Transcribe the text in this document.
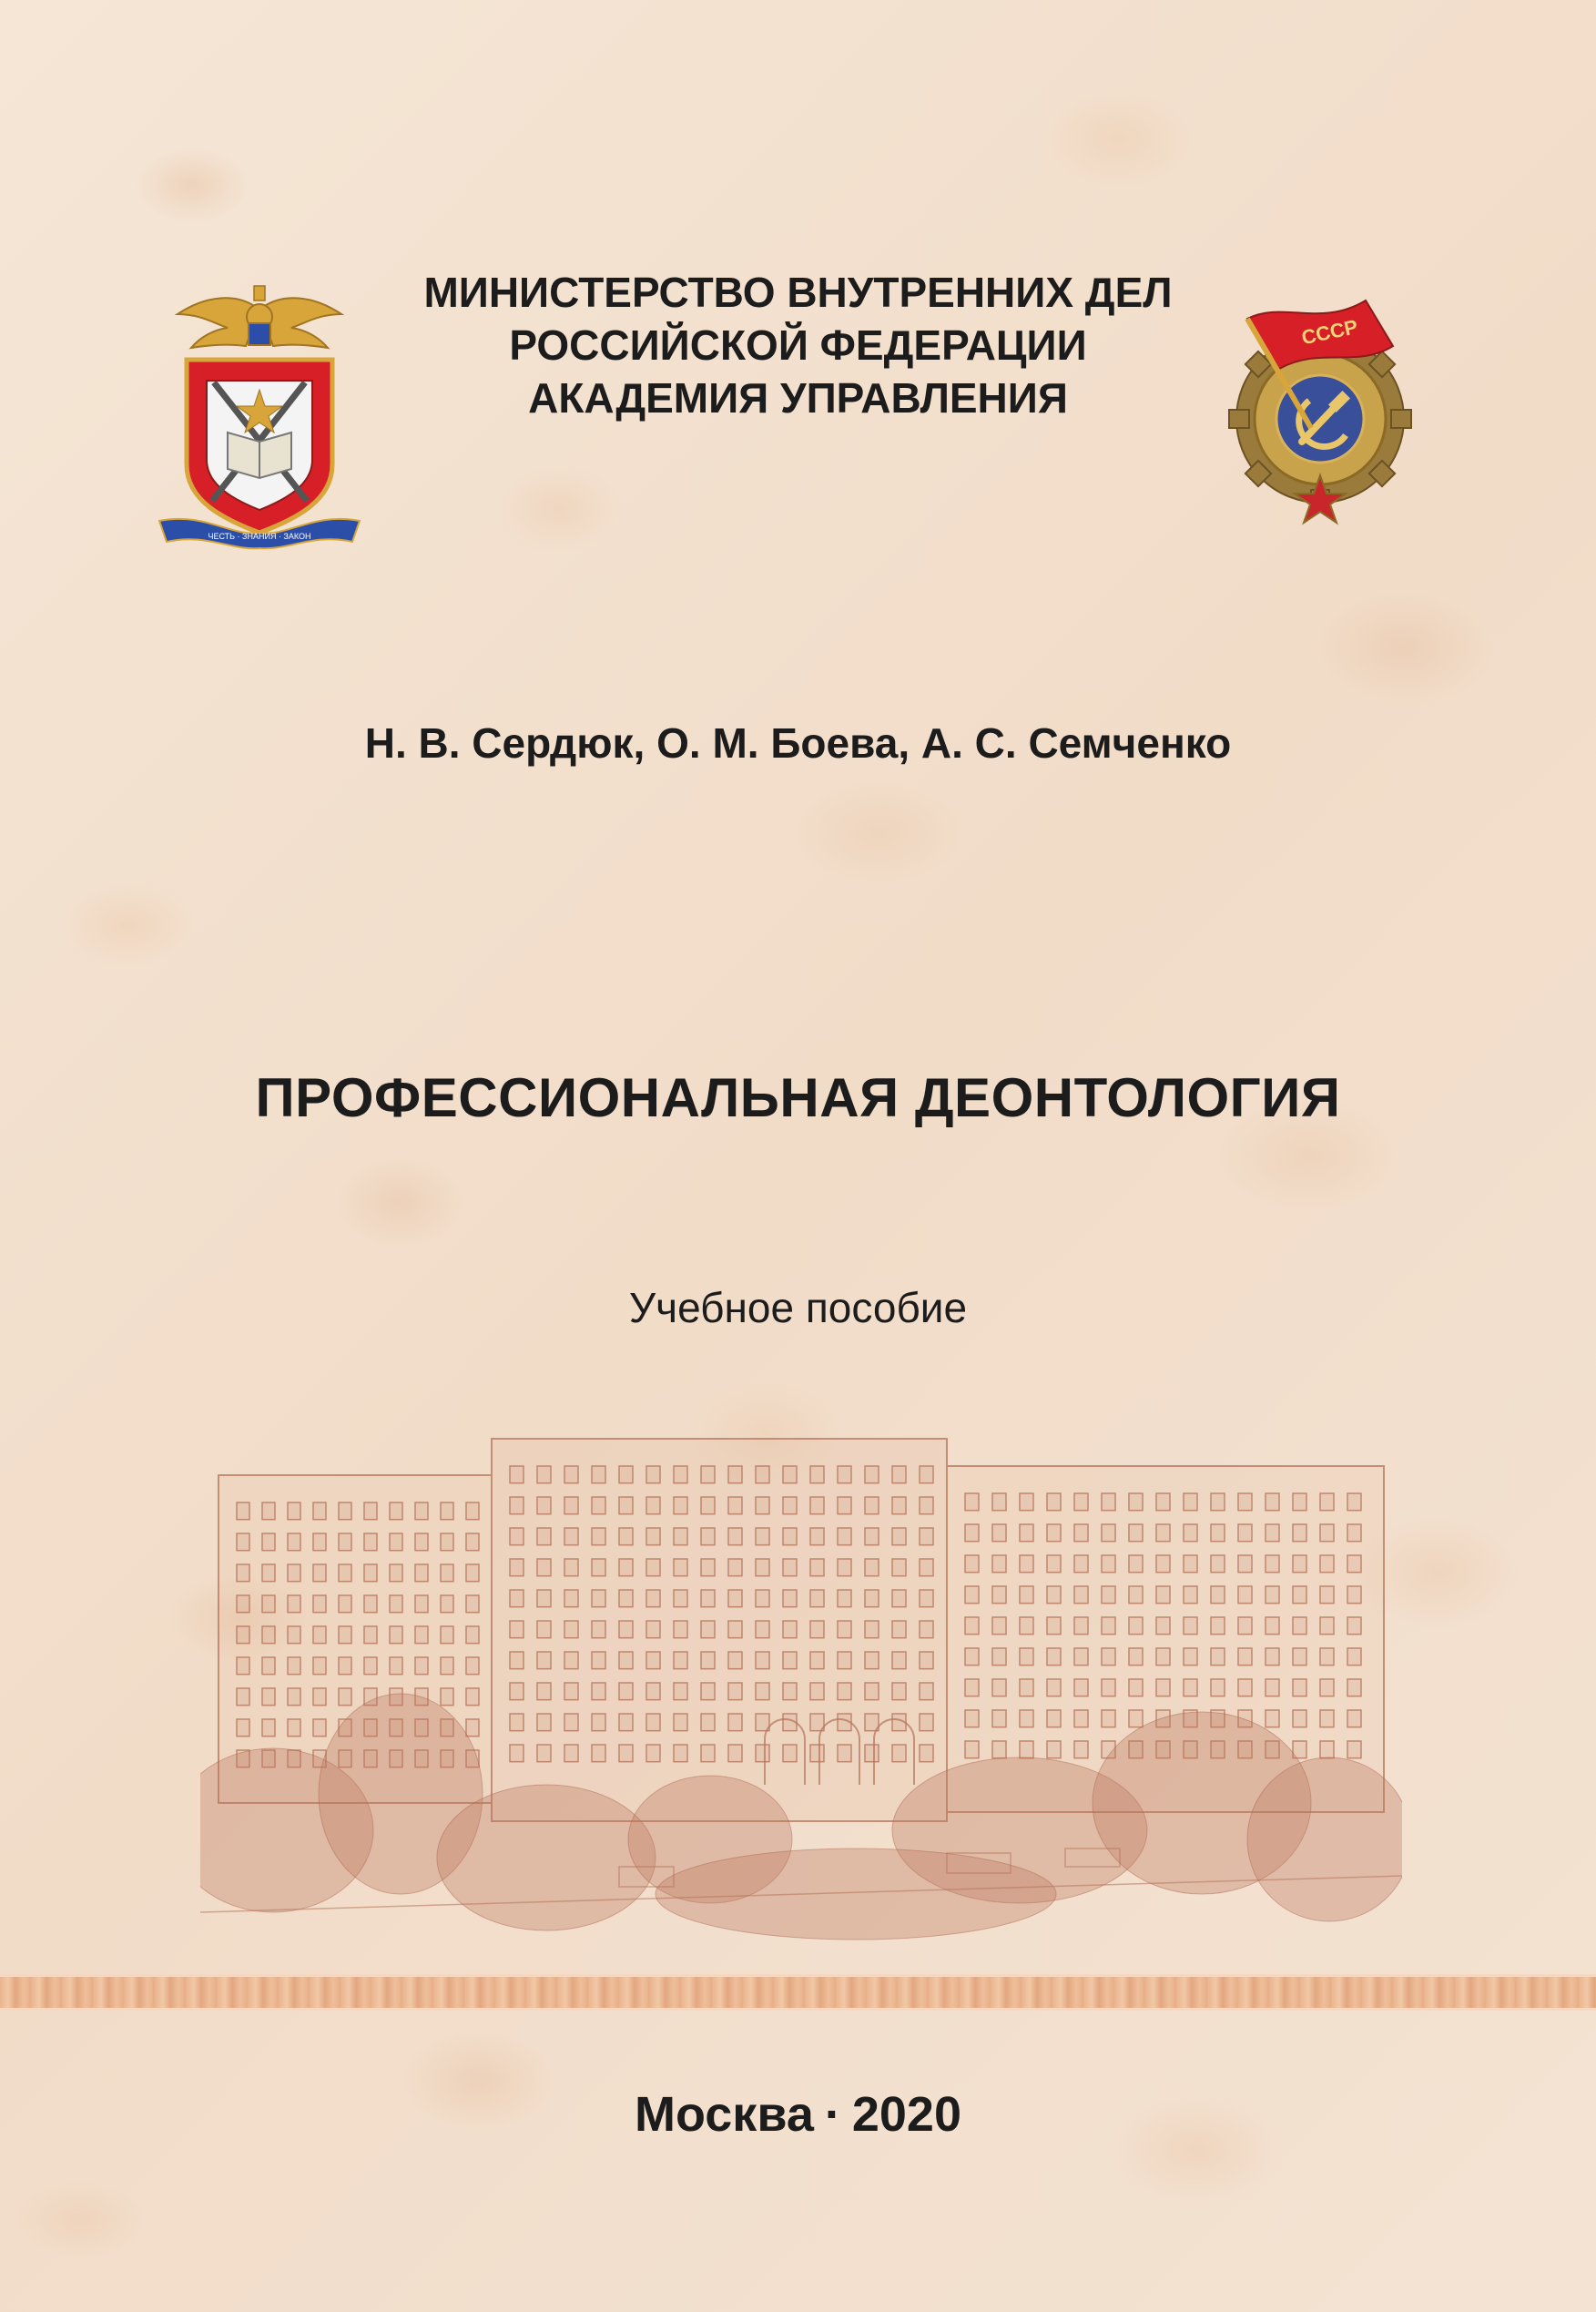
ЧЕСТЬ · ЗНАНИЯ · ЗАКОН
МИНИСТЕРСТВО ВНУТРЕННИХ ДЕЛ
РОССИЙСКОЙ ФЕДЕРАЦИИ
АКАДЕМИЯ УПРАВЛЕНИЯ
СССР
Н. В. Сердюк, О. М. Боева, А. С. Семченко
ПРОФЕССИОНАЛЬНАЯ ДЕОНТОЛОГИЯ
Учебное пособие
Москва · 2020
